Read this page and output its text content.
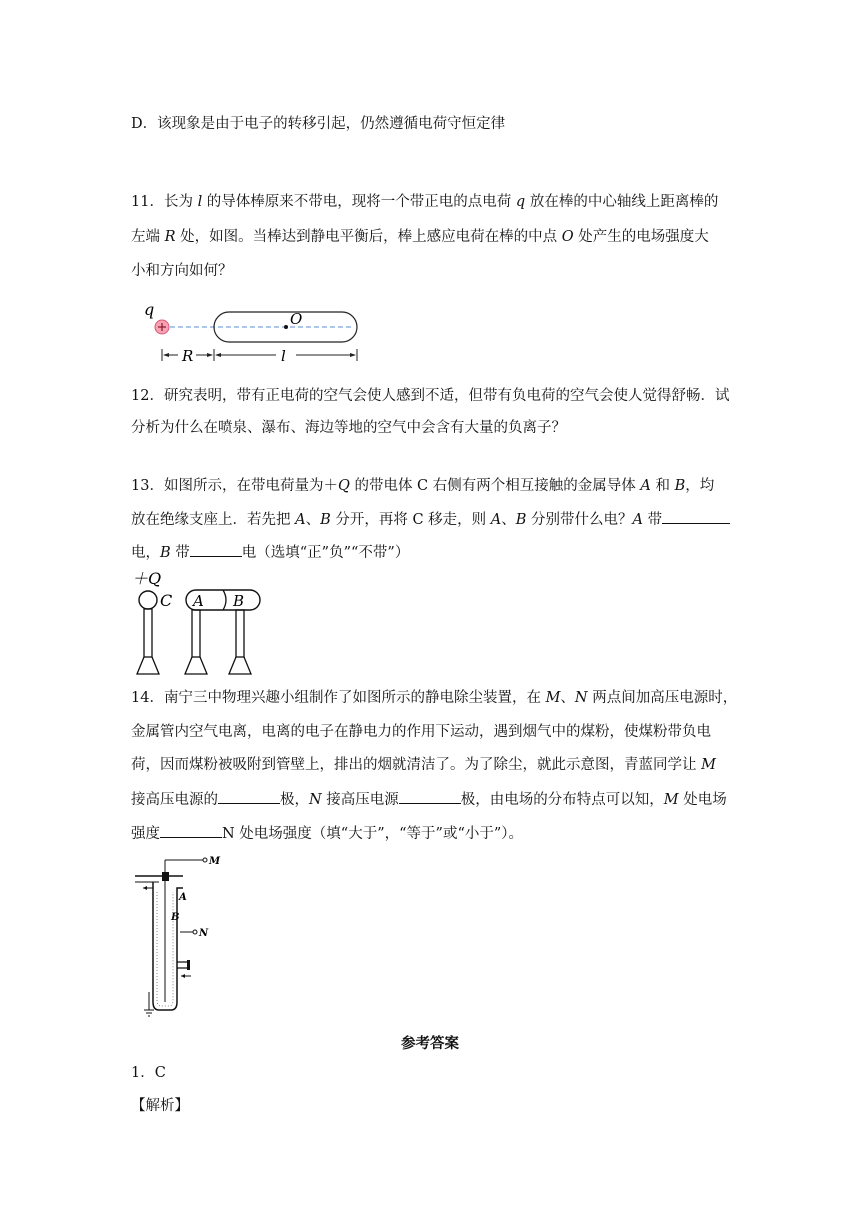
D．该现象是由于电子的转移引起，仍然遵循电荷守恒定律
11．长为 l 的导体棒原来不带电，现将一个带正电的点电荷 q 放在棒的中心轴线上距离棒的
左端 R 处，如图。当棒达到静电平衡后，棒上感应电荷在棒的中点 O 处产生的电场强度大
小和方向如何？
q	O
R	l
12．研究表明，带有正电荷的空气会使人感到不适，但带有负电荷的空气会使人觉得舒畅．试
分析为什么在喷泉、瀑布、海边等地的空气中会含有大量的负离子？
13．如图所示，在带电荷量为＋Q 的带电体 C 右侧有两个相互接触的金属导体 A 和 B，均
放在绝缘支座上．若先把 A、B 分开，再将 C 移走，则 A、B 分别带什么电？A 带
电，B 带	电（选填“正”负”“不带”）
＋Q
C A B
14．南宁三中物理兴趣小组制作了如图所示的静电除尘装置，在 M、N 两点间加高压电源时，
金属管内空气电离，电离的电子在静电力的作用下运动，遇到烟气中的煤粉，使煤粉带负电
荷，因而煤粉被吸附到管壁上，排出的烟就清洁了。为了除尘，就此示意图，青蓝同学让 M
接高压电源的	极，N 接高压电源	极，由电场的分布特点可以知，M 处电场
强度	N 处电场强度（填“大于”，“等于”或“小于”）。
M
A
B
N
参考答案
1．C
【解析】
